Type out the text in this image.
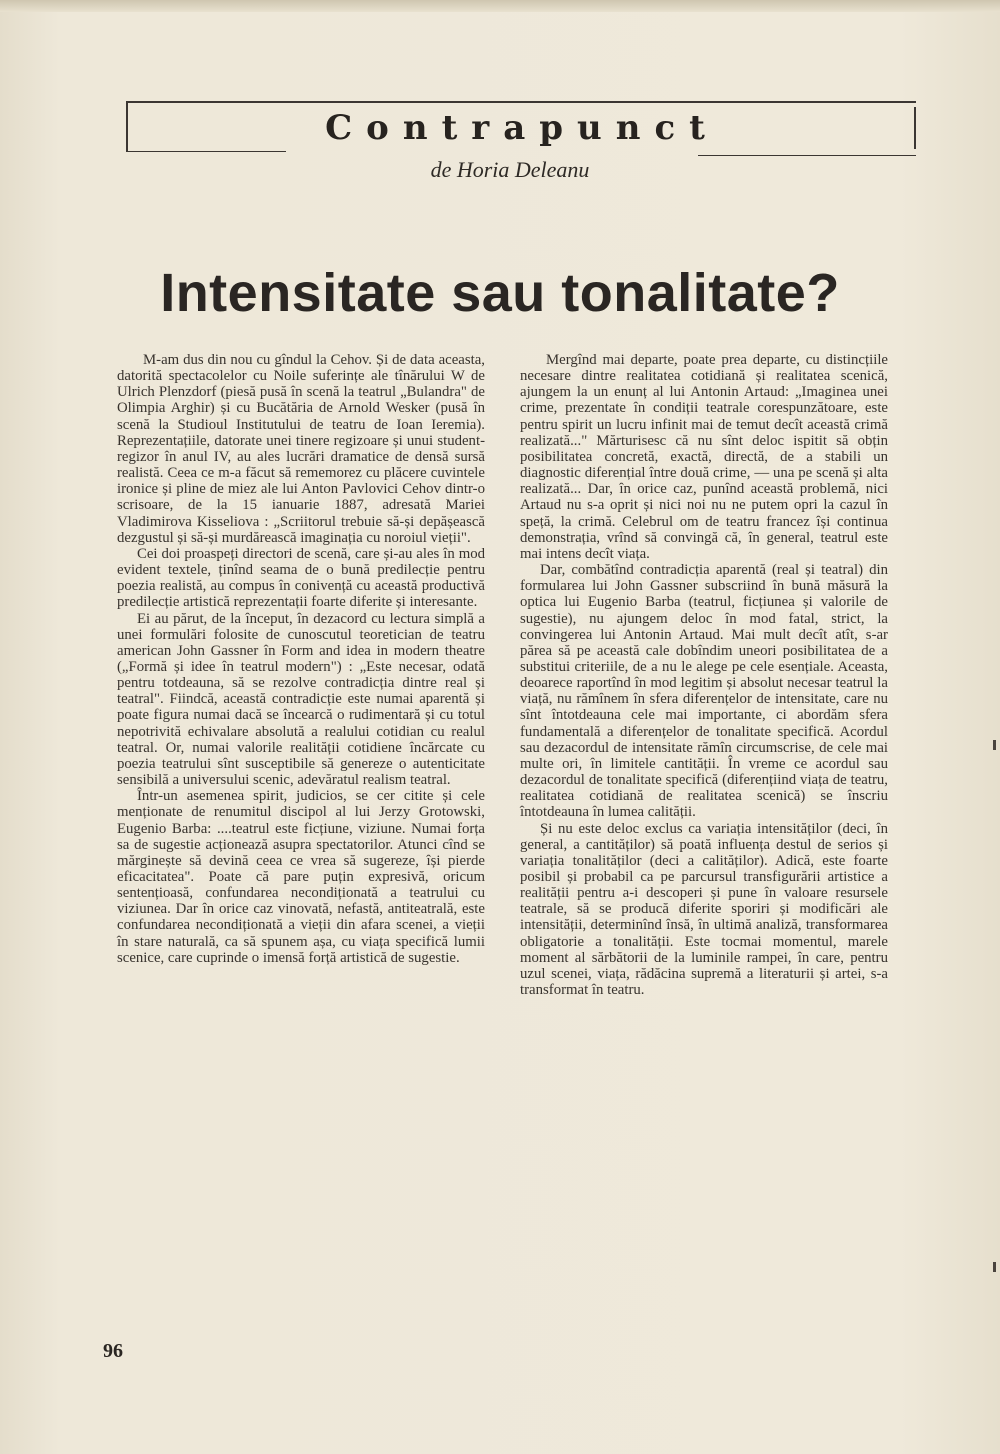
Contrapunct
de Horia Deleanu
Intensitate sau tonalitate?

M-am dus din nou cu gîndul la Cehov. Și de data aceasta, datorită spectacolelor cu Noile suferințe ale tînărului W de Ulrich Plenzdorf (piesă pusă în scenă la teatrul „Bulandra" de Olimpia Arghir) și cu Bucătăria de Arnold Wesker (pusă în scenă la Studioul Institutului de teatru de Ioan Ieremia). Reprezentațiile, datorate unei tinere regizoare și unui student-regizor în anul IV, au ales lucrări dramatice de densă sursă realistă. Ceea ce m-a făcut să rememorez cu plăcere cuvintele ironice și pline de miez ale lui Anton Pavlovici Cehov dintr-o scrisoare, de la 15 ianuarie 1887, adresată Mariei Vladimirova Kisseliova : „Scriitorul trebuie să-și depășească dezgustul și să-și murdărească imaginația cu noroiul vieții".

Cei doi proaspeți directori de scenă, care și-au ales în mod evident textele, ținînd seama de o bună predilecție pentru poezia realistă, au compus în conivență cu această productivă predilecție artistică reprezentații foarte diferite și interesante.

Ei au părut, de la început, în dezacord cu lectura simplă a unei formulări folosite de cunoscutul teoretician de teatru american John Gassner în Form and idea in modern theatre („Formă și idee în teatrul modern") : „Este necesar, odată pentru totdeauna, să se rezolve contradicția dintre real și teatral". Fiindcă, această contradicție este numai aparentă și poate figura numai dacă se încearcă o rudimentară și cu totul nepotrivită echivalare absolută a realului cotidian cu realul teatral. Or, numai valorile realității cotidiene încărcate cu poezia teatrului sînt susceptibile să genereze o autenticitate sensibilă a universului scenic, adevăratul realism teatral.

Într-un asemenea spirit, judicios, se cer citite și cele menționate de renumitul discipol al lui Jerzy Grotowski, Eugenio Barba: ....teatrul este ficțiune, viziune. Numai forța sa de sugestie acționează asupra spectatorilor. Atunci cînd se mărginește să devină ceea ce vrea să sugereze, își pierde eficacitatea". Poate că pare puțin expresivă, oricum sentențioasă, confundarea necondiționată a teatrului cu viziunea. Dar în orice caz vinovată, nefastă, antiteatrală, este confundarea necondiționată a vieții din afara scenei, a vieții în stare naturală, ca să spunem așa, cu viața specifică lumii scenice, care cuprinde o imensă forță artistică de sugestie.

Mergînd mai departe, poate prea departe, cu distincțiile necesare dintre realitatea cotidiană și realitatea scenică, ajungem la un enunț al lui Antonin Artaud: „Imaginea unei crime, prezentate în condiții teatrale corespunzătoare, este pentru spirit un lucru infinit mai de temut decît această crimă realizată..." Mărturisesc că nu sînt deloc ispitit să obțin posibilitatea concretă, exactă, directă, de a stabili un diagnostic diferențial între două crime, — una pe scenă și alta realizată... Dar, în orice caz, punînd această problemă, nici Artaud nu s-a oprit și nici noi nu ne putem opri la cazul în speță, la crimă. Celebrul om de teatru francez își continua demonstrația, vrînd să convingă că, în general, teatrul este mai intens decît viața.

Dar, combătînd contradicția aparentă (real și teatral) din formularea lui John Gassner subscriind în bună măsură la optica lui Eugenio Barba (teatrul, ficțiunea și valorile de sugestie), nu ajungem deloc în mod fatal, strict, la convingerea lui Antonin Artaud. Mai mult decît atît, s-ar părea să pe această cale dobîndim uneori posibilitatea de a substitui criteriile, de a nu le alege pe cele esențiale. Aceasta, deoarece raportînd în mod legitim și absolut necesar teatrul la viață, nu rămînem în sfera diferențelor de intensitate, care nu sînt întotdeauna cele mai importante, ci abordăm sfera fundamentală a diferențelor de tonalitate specifică. Acordul sau dezacordul de intensitate rămîn circumscrise, de cele mai multe ori, în limitele cantității. În vreme ce acordul sau dezacordul de tonalitate specifică (diferențiind viața de teatru, realitatea cotidiană de realitatea scenică) se înscriu întotdeauna în lumea calității.

Și nu este deloc exclus ca variația intensităților (deci, în general, a cantităților) să poată influența destul de serios și variația tonalităților (deci a calităților). Adică, este foarte posibil și probabil ca pe parcursul transfigurării artistice a realității pentru a-i descoperi și pune în valoare resursele teatrale, să se producă diferite sporiri și modificări ale intensității, determinînd însă, în ultimă analiză, transformarea obligatorie a tonalității. Este tocmai momentul, marele moment al sărbătorii de la luminile rampei, în care, pentru uzul scenei, viața, rădăcina supremă a literaturii și artei, s-a transformat în teatru.

96
